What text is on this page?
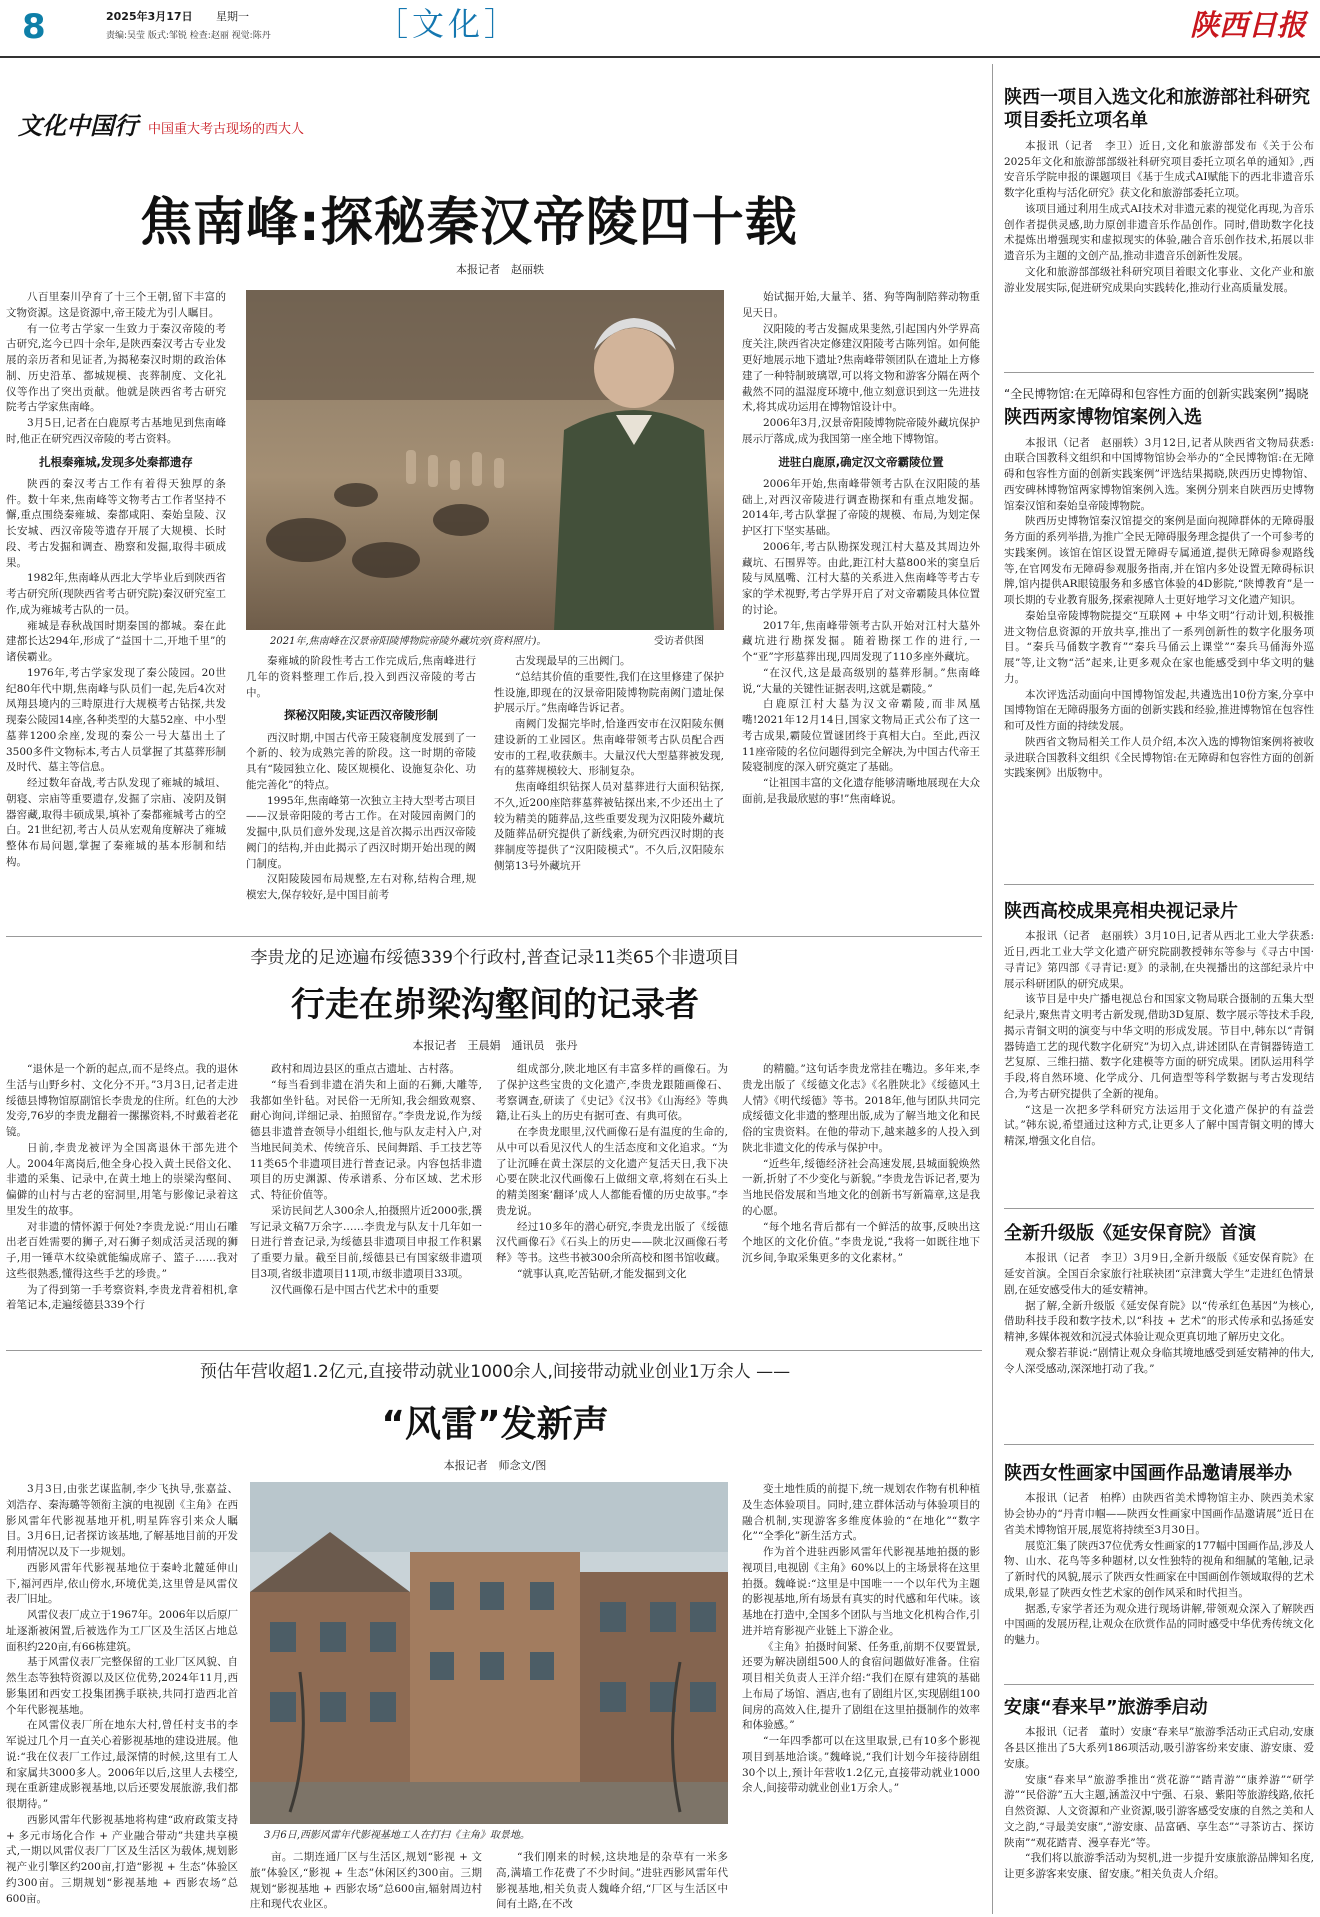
8	2025年3月17日 星期一
责编:吴莹 版式:邹锐 检查:赵丽 视觉:陈丹	［文化］	陕西日报
文化中国行 中国重大考古现场的西大人
焦南峰:探秘秦汉帝陵四十载
本报记者　赵丽轶

八百里秦川孕育了十三个王朝,留下丰富的文物资源。这是资源中,帝王陵尤为引人瞩目。

有一位考古学家一生致力于秦汉帝陵的考古研究,迄今已四十余年,是陕西秦汉考古专业发展的亲历者和见证者,为揭秘秦汉时期的政治体制、历史沿革、都城规模、丧葬制度、文化礼仪等作出了突出贡献。他就是陕西省考古研究院考古学家焦南峰。

3月5日,记者在白鹿原考古基地见到焦南峰时,他正在研究西汉帝陵的考古资料。

扎根秦雍城,发现多处秦都遗存

陕西的秦汉考古工作有着得天独厚的条件。数十年来,焦南峰等文物考古工作者坚持不懈,重点围绕秦雍城、秦都咸阳、秦始皇陵、汉长安城、西汉帝陵等遗存开展了大规模、长时段、考古发掘和调查、勘察和发掘,取得丰硕成果。

1982年,焦南峰从西北大学毕业后到陕西省考古研究所(现陕西省考古研究院)秦汉研究室工作,成为雍城考古队的一员。

雍城是春秋战国时期秦国的都城。秦在此建都长达294年,形成了“益国十二,开地千里”的诸侯霸业。

1976年,考古学家发现了秦公陵园。20世纪80年代中期,焦南峰与队员们一起,先后4次对凤翔县境内的三畤原进行大规模考古钻探,共发现秦公陵园14座,各种类型的大墓52座、中小型墓葬1200余座,发现的秦公一号大墓出土了3500多件文物标本,考古人员掌握了其墓葬形制及时代、墓主等信息。

经过数年奋战,考古队发现了雍城的城垣、朝寝、宗庙等重要遗存,发掘了宗庙、凌阴及铜器窖藏,取得丰硕成果,填补了秦都雍城考古的空白。21世纪初,考古人员从宏观角度解决了雍城整体布局问题,掌握了秦雍城的基本形制和结构。

2021年,焦南峰在汉景帝阳陵博物院帝陵外藏坑旁(资料照片)。	受访者供图

秦雍城的阶段性考古工作完成后,焦南峰进行几年的资料整理工作后,投入到西汉帝陵的考古中。

探秘汉阳陵,实证西汉帝陵形制

西汉时期,中国古代帝王陵寝制度发展到了一个新的、较为成熟完善的阶段。这一时期的帝陵具有“陵园独立化、陵区规模化、设施复杂化、功能完善化”的特点。

1995年,焦南峰第一次独立主持大型考古项目——汉景帝阳陵的考古工作。在对陵园南阙门的发掘中,队员们意外发现,这是首次揭示出西汉帝陵阙门的结构,并由此揭示了西汉时期开始出现的阙门制度。

汉阳陵陵园布局规整,左右对称,结构合理,规模宏大,保存较好,是中国目前考

古发现最早的三出阙门。

“总结其价值的重要性,我们在这里修建了保护性设施,即现在的汉景帝阳陵博物院南阙门遗址保护展示厅。”焦南峰告诉记者。

南阙门发掘完毕时,恰逢西安市在汉阳陵东侧建设新的工业园区。焦南峰带领考古队员配合西安市的工程,收获颇丰。大量汉代大型墓葬被发现,有的墓葬规模较大、形制复杂。

焦南峰组织钻探人员对墓葬进行大面积钻探,不久,近200座陪葬墓葬被钻探出来,不少还出土了较为精美的随葬品,这些重要发现为汉阳陵外藏坑及随葬品研究提供了新线索,为研究西汉时期的丧葬制度等提供了“汉阳陵模式”。不久后,汉阳陵东侧第13号外藏坑开

始试掘开始,大量羊、猪、狗等陶制陪葬动物重见天日。

汉阳陵的考古发掘成果斐然,引起国内外学界高度关注,陕西省决定修建汉阳陵考古陈列馆。如何能更好地展示地下遗址?焦南峰带领团队在遗址上方修建了一种特制玻璃罩,可以将文物和游客分隔在两个截然不同的温湿度环境中,他立刻意识到这一先进技术,将其成功运用在博物馆设计中。

2006年3月,汉景帝阳陵博物院帝陵外藏坑保护展示厅落成,成为我国第一座全地下博物馆。

进驻白鹿原,确定汉文帝霸陵位置

2006年开始,焦南峰带领考古队在汉阳陵的基础上,对西汉帝陵进行调查勘探和有重点地发掘。2014年,考古队掌握了帝陵的规模、布局,为划定保护区打下坚实基础。

2006年,考古队勘探发现江村大墓及其周边外藏坑、石围界等。由此,距江村大墓800米的窦皇后陵与凤凰嘴、江村大墓的关系进入焦南峰等考古专家的学术视野,考古学界开启了对文帝霸陵具体位置的讨论。

2017年,焦南峰带领考古队开始对江村大墓外藏坑进行勘探发掘。随着勘探工作的进行,一个“亚”字形墓葬出现,四周发现了110多座外藏坑。

“在汉代,这是最高级别的墓葬形制。”焦南峰说,“大量的关键性证据表明,这就是霸陵。”

白鹿原江村大墓为汉文帝霸陵,而非凤凰嘴!2021年12月14日,国家文物局正式公布了这一考古成果,霸陵位置谜团终于真相大白。至此,西汉11座帝陵的名位问题得到完全解决,为中国古代帝王陵寝制度的深入研究奠定了基础。

“让祖国丰富的文化遗存能够清晰地展现在大众面前,是我最欣慰的事!”焦南峰说。

李贵龙的足迹遍布绥德339个行政村,普查记录11类65个非遗项目
行走在峁梁沟壑间的记录者
本报记者　王晨娟　通讯员　张丹

“退休是一个新的起点,而不是终点。我的退休生活与山野乡村、文化分不开。”3月3日,记者走进绥德县博物馆原副馆长李贵龙的住所。红色的大沙发旁,76岁的李贵龙翻着一摞摞资料,不时戴着老花镜。

日前,李贵龙被评为全国离退休干部先进个人。2004年离岗后,他全身心投入黄土民俗文化、非遗的采集、记录中,在黄土地上的崇梁沟壑间、偏僻的山村与古老的窑洞里,用笔与影像记录着这里发生的故事。

对非遗的情怀源于何处?李贵龙说:“用山石雕出老百姓需要的狮子,对石狮子刻成活灵活现的狮子,用一锤草木纹染就能编成席子、篮子……我对这些很熟悉,懂得这些手艺的珍贵。”

为了得到第一手考察资料,李贵龙背着相机,拿着笔记本,走遍绥德县339个行

政村和周边县区的重点古遗址、古村落。

“每当看到非遗在消失和上面的石狮,大雕等,我都如坐针毡。对民俗一无所知,我会细致观察、耐心询问,详细记录、拍照留存。”李贵龙说,作为绥德县非遗普查领导小组组长,他与队友走村入户,对当地民间美术、传统音乐、民间舞蹈、手工技艺等11类65个非遗项目进行普查记录。内容包括非遗项目的历史渊源、传承谱系、分布区域、艺术形式、特征价值等。

采访民间艺人300余人,拍摄照片近2000张,撰写记录文稿7万余字……李贵龙与队友十几年如一日进行普查记录,为绥德县非遗项目申报工作积累了重要力量。截至目前,绥德县已有国家级非遗项目3项,省级非遗项目11项,市级非遗项目33项。

汉代画像石是中国古代艺术中的重要

组成部分,陕北地区有丰富多样的画像石。为了保护这些宝贵的文化遗产,李贵龙跟随画像石、考察调查,研读了《史记》《汉书》《山海经》等典籍,让石头上的历史有据可查、有典可依。

在李贵龙眼里,汉代画像石是有温度的生命的,从中可以看见汉代人的生活态度和文化追求。“为了让沉睡在黄土深层的文化遗产复活天日,我下决心要在陕北汉代画像石上做细文章,将刻在石头上的精美图案‘翻译’成人人都能看懂的历史故事。”李贵龙说。

经过10多年的潜心研究,李贵龙出版了《绥德汉代画像石》《石头上的历史——陕北汉画像石考释》等书。这些书被300余所高校和图书馆收藏。

“就事认真,吃苦钻研,才能发掘到文化

的精髓。”这句话李贵龙常挂在嘴边。多年来,李贵龙出版了《绥德文化志》《名胜陕北》《绥德风土人情》《明代绥德》等书。2018年,他与团队共同完成绥德文化非遗的整理出版,成为了解当地文化和民俗的宝贵资料。在他的带动下,越来越多的人投入到陕北非遗文化的传承与保护中。

“近些年,绥德经济社会高速发展,县城面貌焕然一新,折射了不少变化与新貌。”李贵龙告诉记者,要为当地民俗发展和当地文化的创新书写新篇章,这是我的心愿。

“每个地名背后都有一个鲜活的故事,反映出这个地区的文化价值。”李贵龙说,“我将一如既往地下沉乡间,争取采集更多的文化素材。”

预估年营收超1.2亿元,直接带动就业1000余人,间接带动就业创业1万余人 ——
“风雷”发新声
本报记者　师念文/图

3月3日,由张艺谋监制,李少飞执导,张嘉益、刘浩存、秦海璐等领衔主演的电视剧《主角》在西影风雷年代影视基地开机,明星阵容引来众人瞩目。3月6日,记者探访该基地,了解基地目前的开发利用情况以及下一步规划。

西影风雷年代影视基地位于秦岭北麓延伸山下,福河西岸,依山傍水,环境优美,这里曾是风雷仪表厂旧址。

风雷仪表厂成立于1967年。2006年以后原厂址逐渐被闲置,后被选作为工厂区及生活区占地总面积约220亩,有66栋建筑。

基于风雷仪表厂完整保留的工业厂区风貌、自然生态等独特资源以及区位优势,2024年11月,西影集团和西安工投集团携手联袂,共同打造西北首个年代影视基地。

在风雷仪表厂所在地东大村,曾任村支书的李军说过几个月一直关心着影视基地的建设进展。他说:“我在仪表厂工作过,最深情的时候,这里有工人和家属共3000多人。2006年以后,这里人去楼空,现在重新建成影视基地,以后还要发展旅游,我们都很期待。”

西影风雷年代影视基地将构建“政府政策支持 + 多元市场化合作 + 产业融合带动”共建共享模式,一期以风雷仪表厂厂区及生活区为载体,规划影视产业引擎区约200亩,打造“影视 + 生态”体验区约300亩。三期规划“影视基地 + 西影农场”总600亩。

3月6日,西影风雷年代影视基地工人在打扫《主角》取景地。

亩。二期连通厂区与生活区,规划“影视 + 文旅”体验区,“影视 + 生态”休闲区约300亩。三期规划“影视基地 + 西影农场”总600亩,辐射周边村庄和现代农业区。

“我们刚来的时候,这块地是的杂草有一米多高,满墙工作花费了不少时间。”进驻西影风雷年代影视基地,相关负责人魏峰介绍,“厂区与生活区中间有土路,在不改

变土地性质的前提下,统一规划农作物有机种植及生态体验项目。同时,建立群体活动与体验项目的融合机制,实现游客多维度体验的“在地化”“数字化”“全季化”新生活方式。

作为首个进驻西影风雷年代影视基地拍摄的影视项目,电视剧《主角》60%以上的主场景将在这里拍摄。魏峰说:“这里是中国唯一一个以年代为主题的影视基地,所有场景有真实的时代感和年代味。该基地在打造中,全国多个团队与当地文化机构合作,引进并培育影视产业链上下游企业。

《主角》拍摄时间紧、任务重,前期不仅要置景,还要为解决剧组500人的食宿问题做好准备。住宿项目相关负责人王洋介绍:“我们在原有建筑的基础上布局了场馆、酒店,也有了剧组片区,实现剧组100间房的高效入住,提升了剧组在这里拍摄制作的效率和体验感。”

“一年四季都可以在这里取景,已有10多个影视项目到基地洽谈。”魏峰说,“我们计划今年接待剧组30个以上,预计年营收1.2亿元,直接带动就业1000余人,间接带动就业创业1万余人。”

陕西一项目入选文化和旅游部社科研究项目委托立项名单

本报讯（记者　李卫）近日,文化和旅游部发布《关于公布2025年文化和旅游部部级社科研究项目委托立项名单的通知》,西安音乐学院申报的课题项目《基于生成式AI赋能下的西北非遗音乐数字化重构与活化研究》获文化和旅游部委托立项。

该项目通过利用生成式AI技术对非遗元素的视觉化再现,为音乐创作者提供灵感,助力原创非遗音乐作品创作。同时,借助数字化技术提炼出增强现实和虚拟现实的体验,融合音乐创作技术,拓展以非遗音乐为主题的文创产品,推动非遗音乐创新性发展。

文化和旅游部部级社科研究项目着眼文化事业、文化产业和旅游业发展实际,促进研究成果向实践转化,推动行业高质量发展。

“全民博物馆:在无障碍和包容性方面的创新实践案例”揭晓
陕西两家博物馆案例入选

本报讯（记者　赵丽轶）3月12日,记者从陕西省文物局获悉:由联合国教科文组织和中国博物馆协会举办的“全民博物馆:在无障碍和包容性方面的创新实践案例”评选结果揭晓,陕西历史博物馆、西安碑林博物馆两家博物馆案例入选。案例分别来自陕西历史博物馆秦汉馆和秦始皇帝陵博物院。

陕西历史博物馆秦汉馆提交的案例是面向视障群体的无障碍服务方面的系列举措,为推广全民无障碍服务理念提供了一个可参考的实践案例。该馆在馆区设置无障碍专属通道,提供无障碍参观路线等,在官网发布无障碍参观服务指南,并在馆内多处设置无障碍标识牌,馆内提供AR眼镜服务和多感官体验的4D影院,“陕博教育”是一项长期的专业教育服务,探索视障人士更好地学习文化遗产知识。

秦始皇帝陵博物院提交“互联网 + 中华文明”行动计划,积极推进文物信息资源的开放共享,推出了一系列创新性的数字化服务项目。“秦兵马俑数字教育”“秦兵马俑云上课堂”“秦兵马俑海外巡展”等,让文物“活”起来,让更多观众在家也能感受到中华文明的魅力。

本次评选活动面向中国博物馆发起,共遴选出10份方案,分享中国博物馆在无障碍服务方面的创新实践和经验,推进博物馆在包容性和可及性方面的持续发展。

陕西省文物局相关工作人员介绍,本次入选的博物馆案例将被收录进联合国教科文组织《全民博物馆:在无障碍和包容性方面的创新实践案例》出版物中。

陕西高校成果亮相央视记录片

本报讯（记者　赵丽轶）3月10日,记者从西北工业大学获悉:近日,西北工业大学文化遗产研究院副教授韩东等参与《寻古中国·寻青记》第四部《寻青记:夏》的录制,在央视播出的这部纪录片中展示科研团队的研究成果。

该节目是中央广播电视总台和国家文物局联合摄制的五集大型纪录片,聚焦青文明考古新发现,借助3D复原、数字展示等技术手段,揭示青铜文明的演变与中华文明的形成发展。节目中,韩东以“青铜器铸造工艺的现代数字化研究”为切入点,讲述团队在青铜器铸造工艺复原、三维扫描、数字化建模等方面的研究成果。团队运用科学手段,将自然环境、化学成分、几何造型等科学数据与考古发现结合,为考古研究提供了全新的视角。

“这是一次把多学科研究方法运用于文化遗产保护的有益尝试。”韩东说,希望通过这种方式,让更多人了解中国青铜文明的博大精深,增强文化自信。

全新升级版《延安保育院》首演

本报讯（记者　李卫）3月9日,全新升级版《延安保育院》在延安首演。全国百余家旅行社联袂团“京津冀大学生”走进红色情景剧,在延安感受伟大的延安精神。

据了解,全新升级版《延安保育院》以“传承红色基因”为核心,借助科技手段和数字技术,以“科技 + 艺术”的形式传承和弘扬延安精神,多媒体视效和沉浸式体验让观众更真切地了解历史文化。

观众黎若菲说:“剧情让观众身临其境地感受到延安精神的伟大,令人深受感动,深深地打动了我。”

陕西女性画家中国画作品邀请展举办

本报讯（记者　柏桦）由陕西省美术博物馆主办、陕西美术家协会协办的“丹青巾帼——陕西女性画家中国画作品邀请展”近日在省美术博物馆开展,展览将持续至3月30日。

展览汇集了陕西37位优秀女性画家的177幅中国画作品,涉及人物、山水、花鸟等多种题材,以女性独特的视角和细腻的笔触,记录了新时代的风貌,展示了陕西女性画家在中国画创作领域取得的艺术成果,彰显了陕西女性艺术家的创作风采和时代担当。

据悉,专家学者还为观众进行现场讲解,带领观众深入了解陕西中国画的发展历程,让观众在欣赏作品的同时感受中华优秀传统文化的魅力。

安康“春来早”旅游季启动

本报讯（记者　董时）安康“春来早”旅游季活动正式启动,安康各县区推出了5大系列186项活动,吸引游客纷来安康、游安康、爱安康。

安康“春来早”旅游季推出“赏花游”“踏青游”“康养游”“研学游”“民俗游”五大主题,涵盖汉中宁强、石泉、紫阳等旅游线路,依托自然资源、人文资源和产业资源,吸引游客感受安康的自然之美和人文之韵,“寻最美安康”,“游安康、品富硒、享生态”“寻茶访古、探访陕南”“观花踏青、漫享春光”等。

“我们将以旅游季活动为契机,进一步提升安康旅游品牌知名度,让更多游客来安康、留安康。”相关负责人介绍。
